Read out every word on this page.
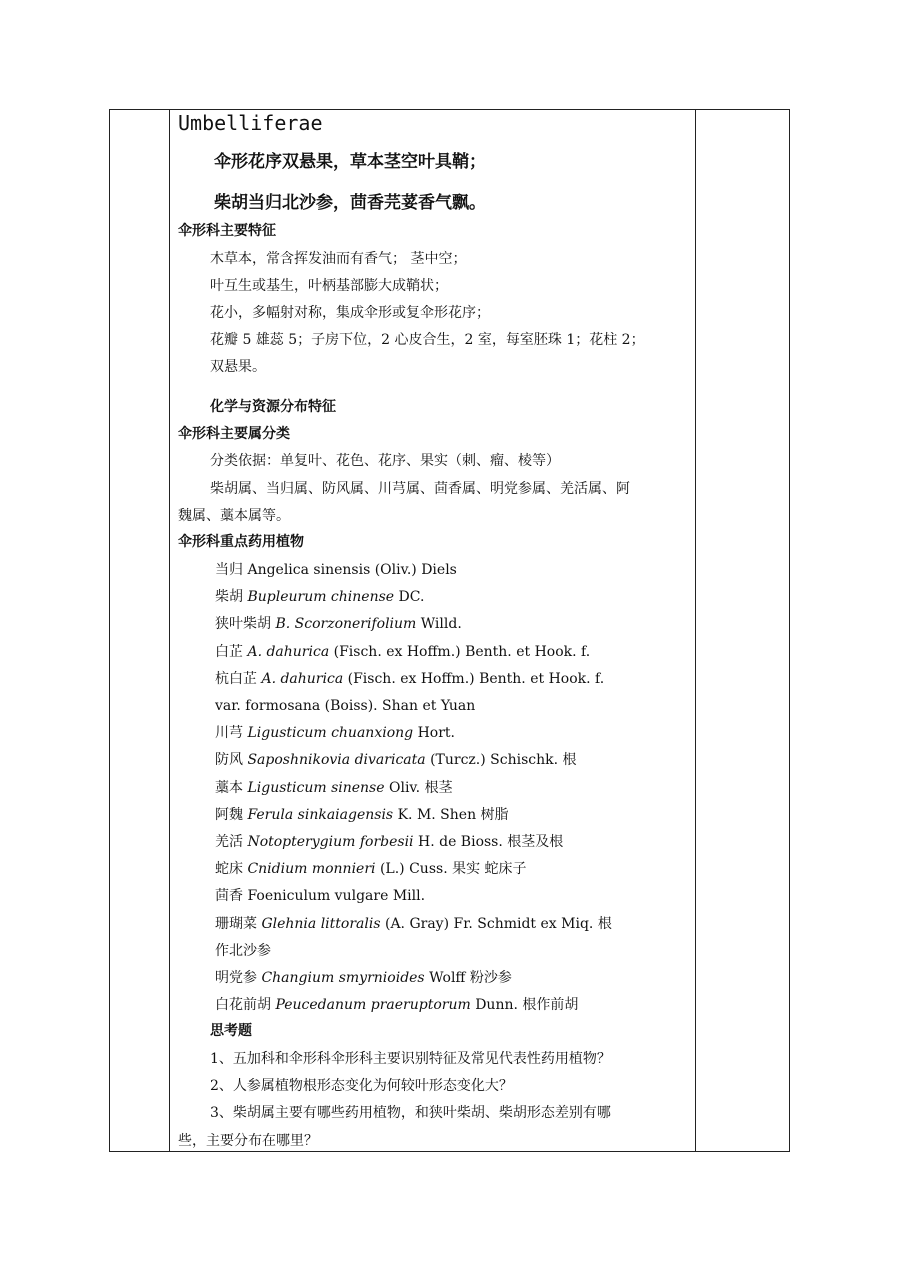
Umbelliferae
伞形花序双悬果，草本茎空叶具鞘；
柴胡当归北沙参，茴香芫荽香气飘。
伞形科主要特征
木草本，常含挥发油而有香气； 茎中空；
叶互生或基生，叶柄基部膨大成鞘状；
花小，多幅射对称，集成伞形或复伞形花序；
花瓣 5 雄蕊 5；子房下位，2 心皮合生，2 室，每室胚珠 1；花柱 2；
双悬果。
化学与资源分布特征
伞形科主要属分类
分类依据：单复叶、花色、花序、果实（刺、瘤、棱等）
柴胡属、当归属、防风属、川芎属、茴香属、明党参属、羌活属、阿
魏属、藁本属等。
伞形科重点药用植物
当归 Angelica sinensis (Oliv.) Diels
柴胡 Bupleurum chinense DC.
狭叶柴胡 B. Scorzonerifolium Willd.
白芷 A. dahurica (Fisch. ex Hoffm.) Benth. et Hook. f.
杭白芷 A. dahurica (Fisch. ex Hoffm.) Benth. et Hook. f.
var. formosana (Boiss). Shan et Yuan
川芎 Ligusticum chuanxiong Hort.
防风 Saposhnikovia divaricata (Turcz.) Schischk. 根
藁本 Ligusticum sinense Oliv. 根茎
阿魏 Ferula sinkaiagensis K. M. Shen 树脂
羌活 Notopterygium forbesii H. de Bioss. 根茎及根
蛇床 Cnidium monnieri (L.) Cuss. 果实 蛇床子
茴香 Foeniculum vulgare Mill.
珊瑚菜 Glehnia littoralis (A. Gray) Fr. Schmidt ex Miq. 根
作北沙参
明党参 Changium smyrnioides Wolff 粉沙参
白花前胡 Peucedanum praeruptorum Dunn. 根作前胡
思考题
1、五加科和伞形科伞形科主要识别特征及常见代表性药用植物？
2、人参属植物根形态变化为何较叶形态变化大？
3、柴胡属主要有哪些药用植物，和狭叶柴胡、柴胡形态差别有哪
些，主要分布在哪里？
